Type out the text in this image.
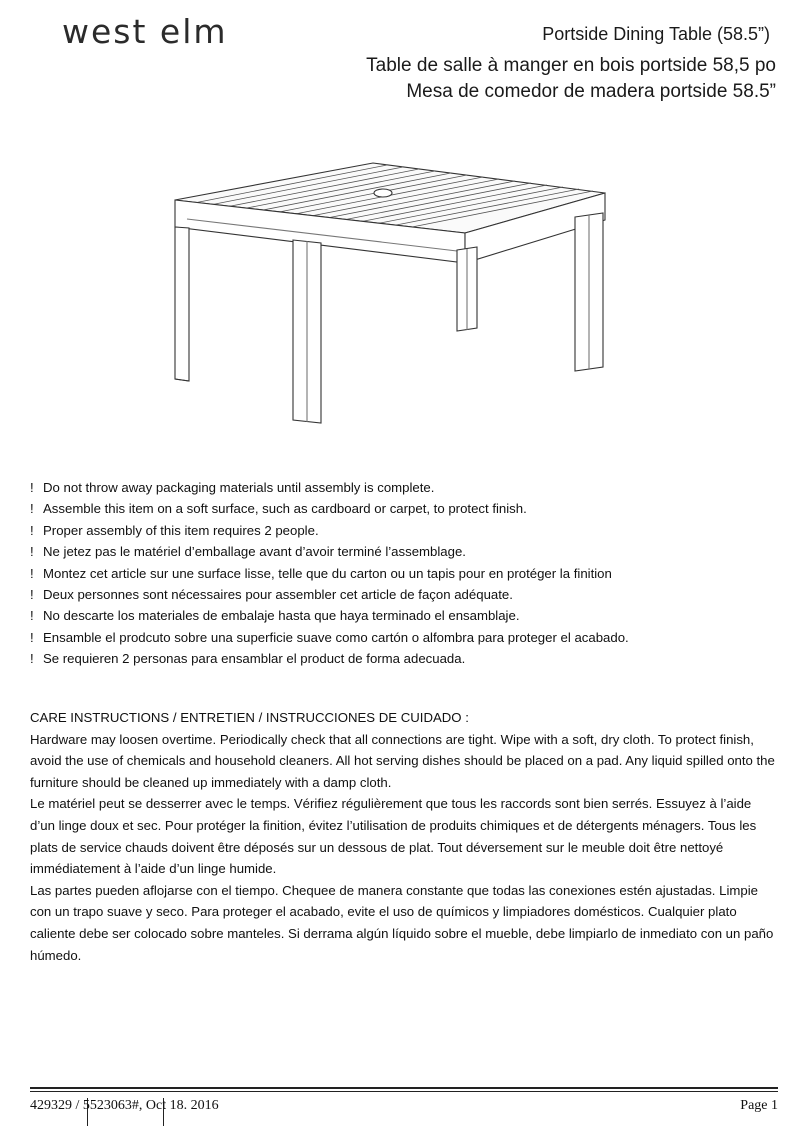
west elm	Portside Dining Table (58.5”)
Table de salle à manger en bois portside 58,5 po
Mesa de comedor de madera portside 58.5”
! Do not throw away packaging materials until assembly is complete.
! Assemble this item on a soft surface, such as cardboard or carpet, to protect finish.
! Proper assembly of this item requires 2 people.
! Ne jetez pas le matériel d’emballage avant d’avoir terminé l’assemblage.
! Montez cet article sur une surface lisse, telle que du carton ou un tapis pour en protéger la finition
! Deux personnes sont nécessaires pour assembler cet article de façon adéquate.
! No descarte los materiales de embalaje hasta que haya terminado el ensamblaje.
! Ensamble el prodcuto sobre una superficie suave como cartón o alfombra para proteger el acabado.
! Se requieren 2 personas para ensamblar el product de forma adecuada.

CARE INSTRUCTIONS / ENTRETIEN / INSTRUCCIONES DE CUIDADO :

Hardware may loosen overtime. Periodically check that all connections are tight. Wipe with a soft, dry cloth. To protect finish, avoid the use of chemicals and household cleaners. All hot serving dishes should be placed on a pad. Any liquid spilled onto the furniture should be cleaned up immediately with a damp cloth.

Le matériel peut se desserrer avec le temps. Vérifiez régulièrement que tous les raccords sont bien serrés. Essuyez à l’aide d’un linge doux et sec. Pour protéger la finition, évitez l’utilisation de produits chimiques et de détergents ménagers. Tous les plats de service chauds doivent être déposés sur un dessous de plat. Tout déversement sur le meuble doit être nettoyé immédiatement à l’aide d’un linge humide.

Las partes pueden aflojarse con el tiempo. Chequee de manera constante que todas las conexiones estén ajustadas. Limpie con un trapo suave y seco. Para proteger el acabado, evite el uso de químicos y limpiadores domésticos. Cualquier plato caliente debe ser colocado sobre manteles. Si derrama algún líquido sobre el mueble, debe limpiarlo de inmediato con un paño húmedo.

429329 / 5523063#, Oct 18. 2016	Page 1
